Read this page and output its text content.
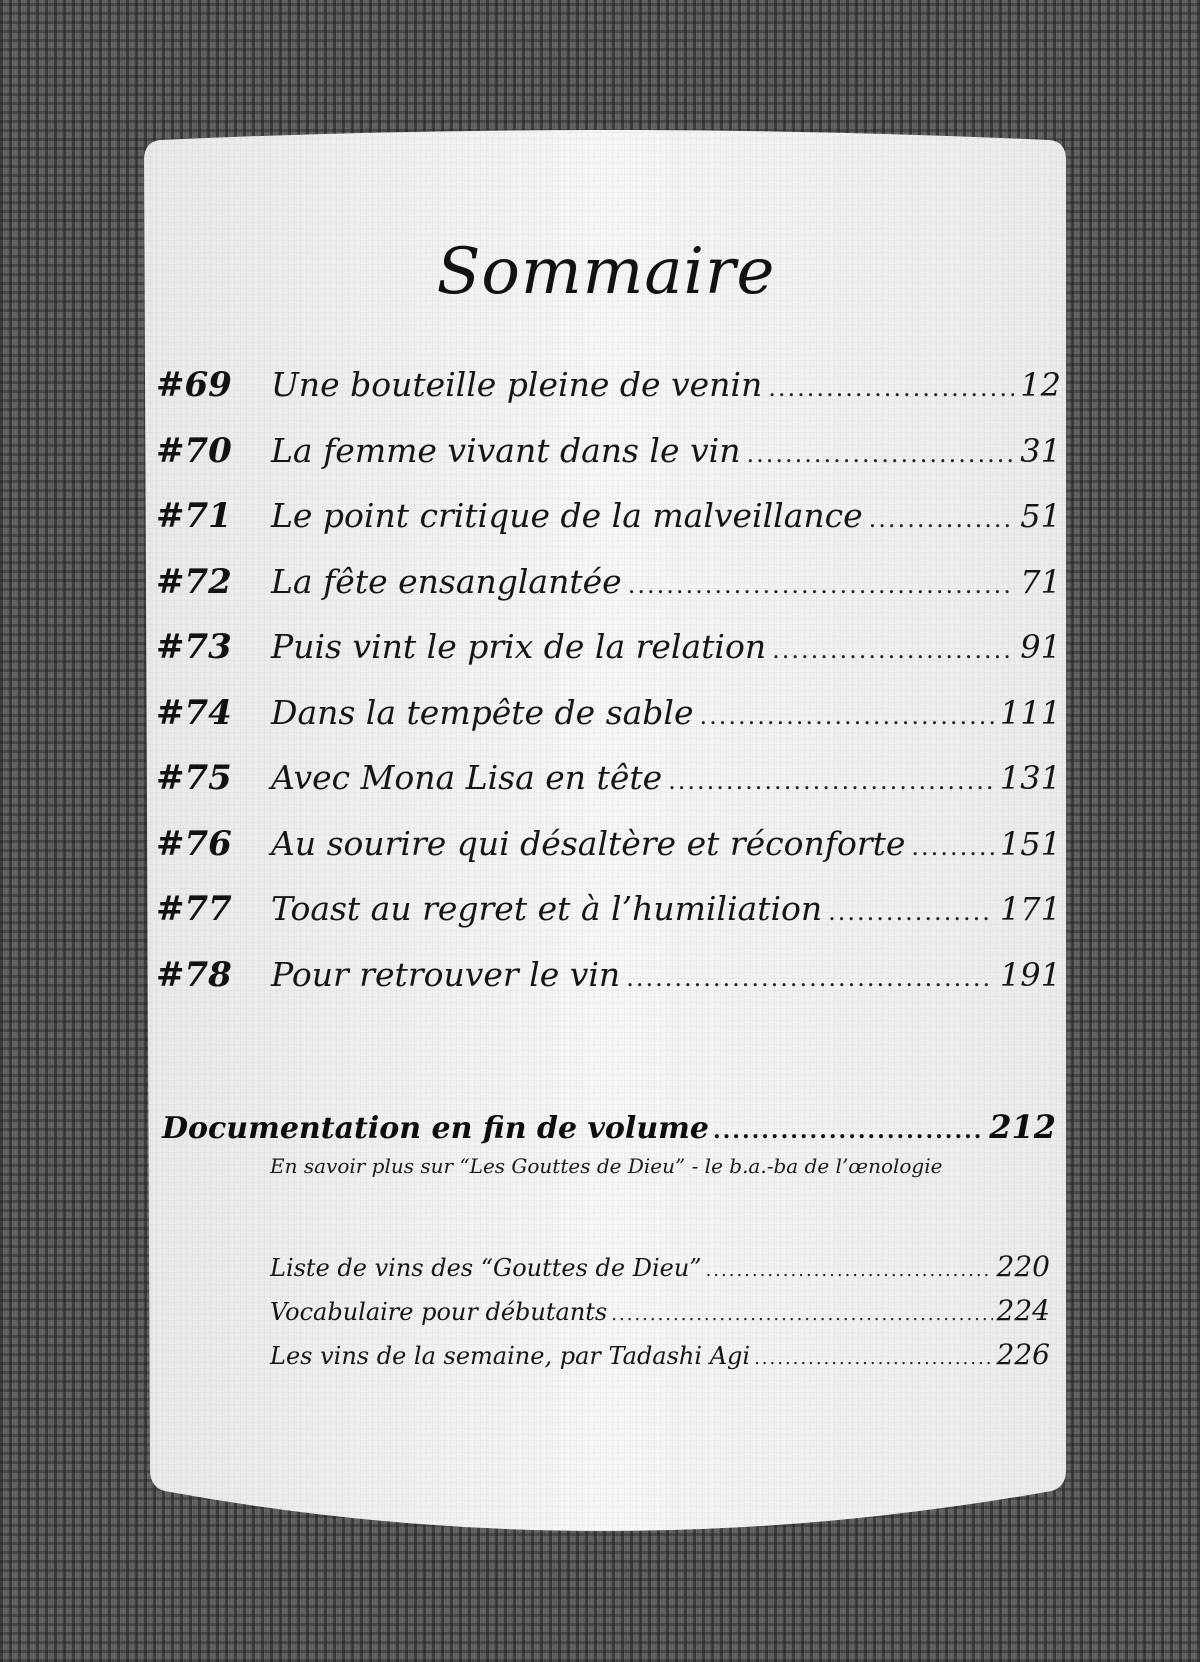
Sommaire
#69	Une bouteille pleine de venin .....	12
#70	La femme vivant dans le vin .....	31
#71	Le point critique de la malveillance .....	51
#72	La fête ensanglantée .....	71
#73	Puis vint le prix de la relation .....	91
#74	Dans la tempête de sable .....	111
#75	Avec Mona Lisa en tête .....	131
#76	Au sourire qui désaltère et réconforte .....	151
#77	Toast au regret et à l’humiliation .....	171
#78	Pour retrouver le vin .....	191
Documentation en fin de volume .....	212
En savoir plus sur “Les Gouttes de Dieu” - le b.a.-ba de l’œnologie
Liste de vins des “Gouttes de Dieu” .....	220
Vocabulaire pour débutants .....	224
Les vins de la semaine, par Tadashi Agi .....	226
